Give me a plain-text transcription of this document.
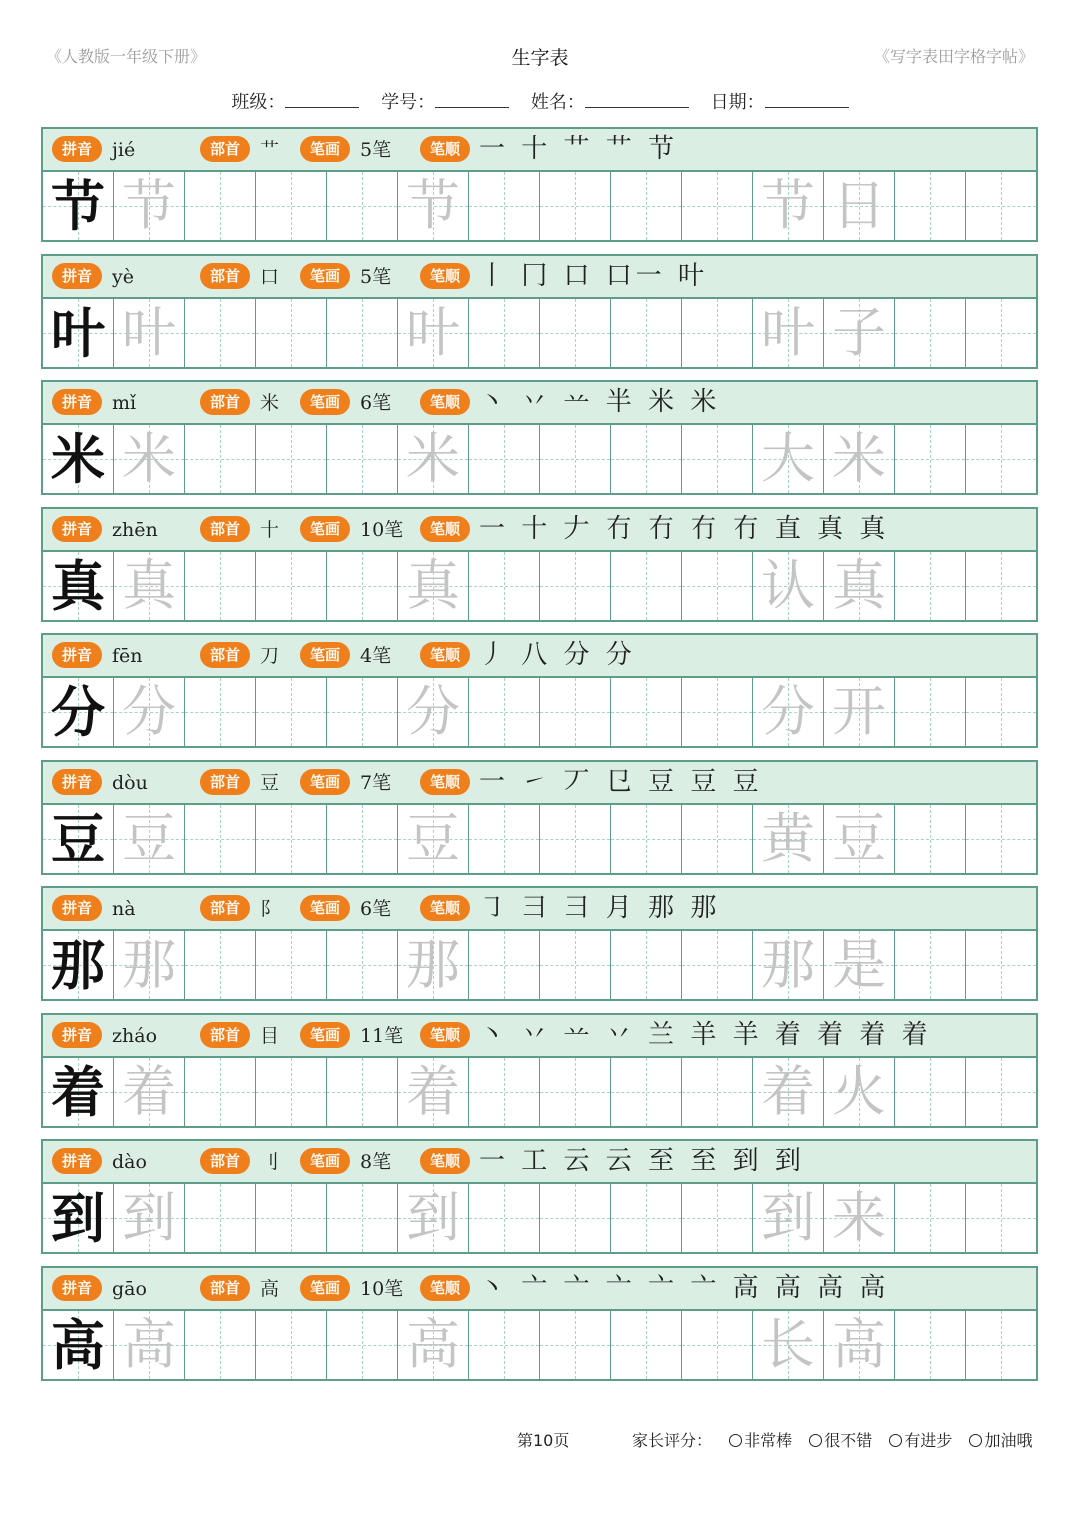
《人教版一年级下册》	生字表	《写字表田字格字帖》
班级：	学号：	姓名：	日期：
拼音	部首	笔画	笔顺
jié	艹	5笔	一 十 艹 艹 节
节 节	节	节 日
拼音	部首	笔画	笔顺
yè	口	5笔	丨 冂 口 口一 叶
叶 叶	叶	叶 子
拼音	部首	笔画	笔顺
mǐ	米	6笔	丶 丷 䒑 半 米 米
米 米	米	大 米
拼音	部首	笔画	笔顺
zhēn	十	10笔	一 十 𠂇 冇 冇 冇 冇 直 真 真
真 真	真	认 真
拼音	部首	笔画	笔顺
fēn	刀	4笔	丿 八 分 分
分 分	分	分 开
拼音	部首	笔画	笔顺
dòu	豆	7笔	一 ㇀ 丆 㔾 豆 豆 豆
豆 豆	豆	黄 豆
拼音	部首	笔画	笔顺
nà	阝	6笔	㇆ 彐 彐 月 那 那
那 那	那	那 是
拼音	部首	笔画	笔顺
zháo	目	11笔	丶 丷 䒑 丷 兰 羊 羊 着 着 着 着
着 着	着	着 火
拼音	部首	笔画	笔顺
dào	刂	8笔	一 工 云 云 至 至 到 到
到 到	到	到 来
拼音	部首	笔画	笔顺
gāo	高	10笔	丶 亠 亠 亠 亠 亠 高 高 高 高
高 高	高	长 高
第10页	家长评分： 非常棒 很不错 有进步 加油哦
